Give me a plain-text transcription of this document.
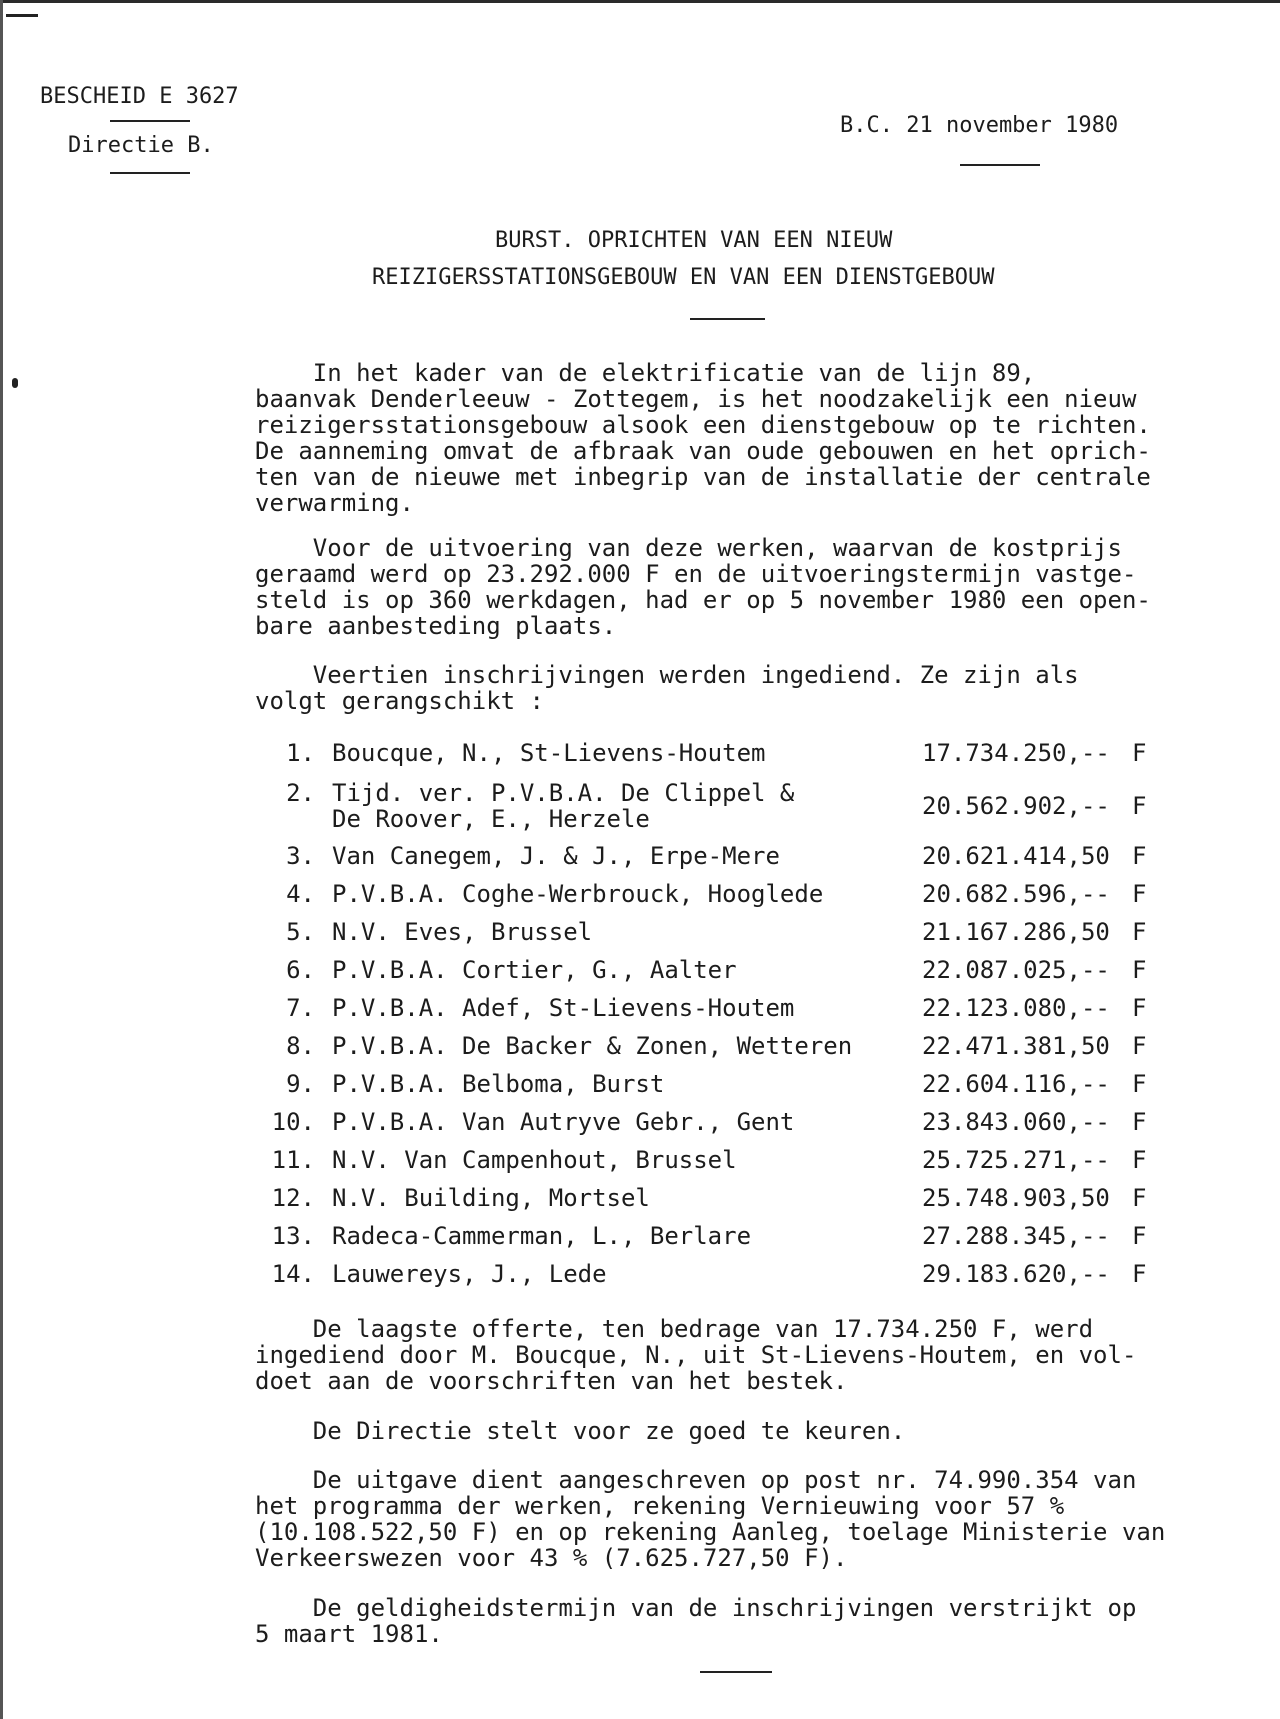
BESCHEID E 3627
Directie B.
B.C. 21 november 1980
BURST. OPRICHTEN VAN EEN NIEUW
REIZIGERSSTATIONSGEBOUW EN VAN EEN DIENSTGEBOUW
In het kader van de elektrificatie van de lijn 89,
baanvak Denderleeuw - Zottegem, is het noodzakelijk een nieuw
reizigersstationsgebouw alsook een dienstgebouw op te richten.
De aanneming omvat de afbraak van oude gebouwen en het oprich-
ten van de nieuwe met inbegrip van de installatie der centrale
verwarming.
Voor de uitvoering van deze werken, waarvan de kostprijs
geraamd werd op 23.292.000 F en de uitvoeringstermijn vastge-
steld is op 360 werkdagen, had er op 5 november 1980 een open-
bare aanbesteding plaats.
Veertien inschrijvingen werden ingediend. Ze zijn als
volgt gerangschikt :
1. Boucque, N., St-Lievens-Houtem	17.734.250,-- F
2. Tijd. ver. P.V.B.A. De Clippel &
De Roover, E., Herzele	20.562.902,-- F
3. Van Canegem, J. & J., Erpe-Mere	20.621.414,50 F
4. P.V.B.A. Coghe-Werbrouck, Hooglede	20.682.596,-- F
5. N.V. Eves, Brussel	21.167.286,50 F
6. P.V.B.A. Cortier, G., Aalter	22.087.025,-- F
7. P.V.B.A. Adef, St-Lievens-Houtem	22.123.080,-- F
8. P.V.B.A. De Backer & Zonen, Wetteren	22.471.381,50 F
9. P.V.B.A. Belboma, Burst	22.604.116,-- F
10. P.V.B.A. Van Autryve Gebr., Gent	23.843.060,-- F
11. N.V. Van Campenhout, Brussel	25.725.271,-- F
12. N.V. Building, Mortsel	25.748.903,50 F
13. Radeca-Cammerman, L., Berlare	27.288.345,-- F
14. Lauwereys, J., Lede	29.183.620,-- F
De laagste offerte, ten bedrage van 17.734.250 F, werd
ingediend door M. Boucque, N., uit St-Lievens-Houtem, en vol-
doet aan de voorschriften van het bestek.
De Directie stelt voor ze goed te keuren.
De uitgave dient aangeschreven op post nr. 74.990.354 van
het programma der werken, rekening Vernieuwing voor 57 %
(10.108.522,50 F) en op rekening Aanleg, toelage Ministerie van
Verkeerswezen voor 43 % (7.625.727,50 F).
De geldigheidstermijn van de inschrijvingen verstrijkt op
5 maart 1981.
